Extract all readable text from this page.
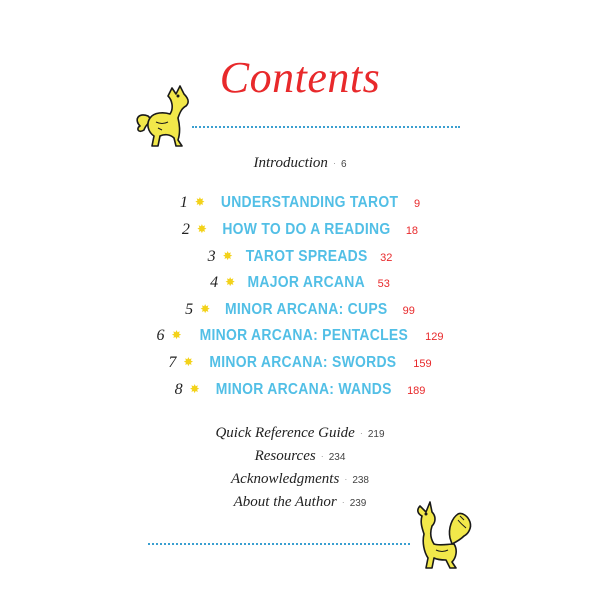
Contents
Introduction · 6
1 ✸ UNDERSTANDING TAROT 9
2 ✸ HOW TO DO A READING 18
3 ✸ TAROT SPREADS 32
4 ✸ MAJOR ARCANA 53
5 ✸ MINOR ARCANA: CUPS 99
6 ✸ MINOR ARCANA: PENTACLES 129
7 ✸ MINOR ARCANA: SWORDS 159
8 ✸ MINOR ARCANA: WANDS 189
Quick Reference Guide · 219
Resources · 234
Acknowledgments · 238
About the Author · 239
